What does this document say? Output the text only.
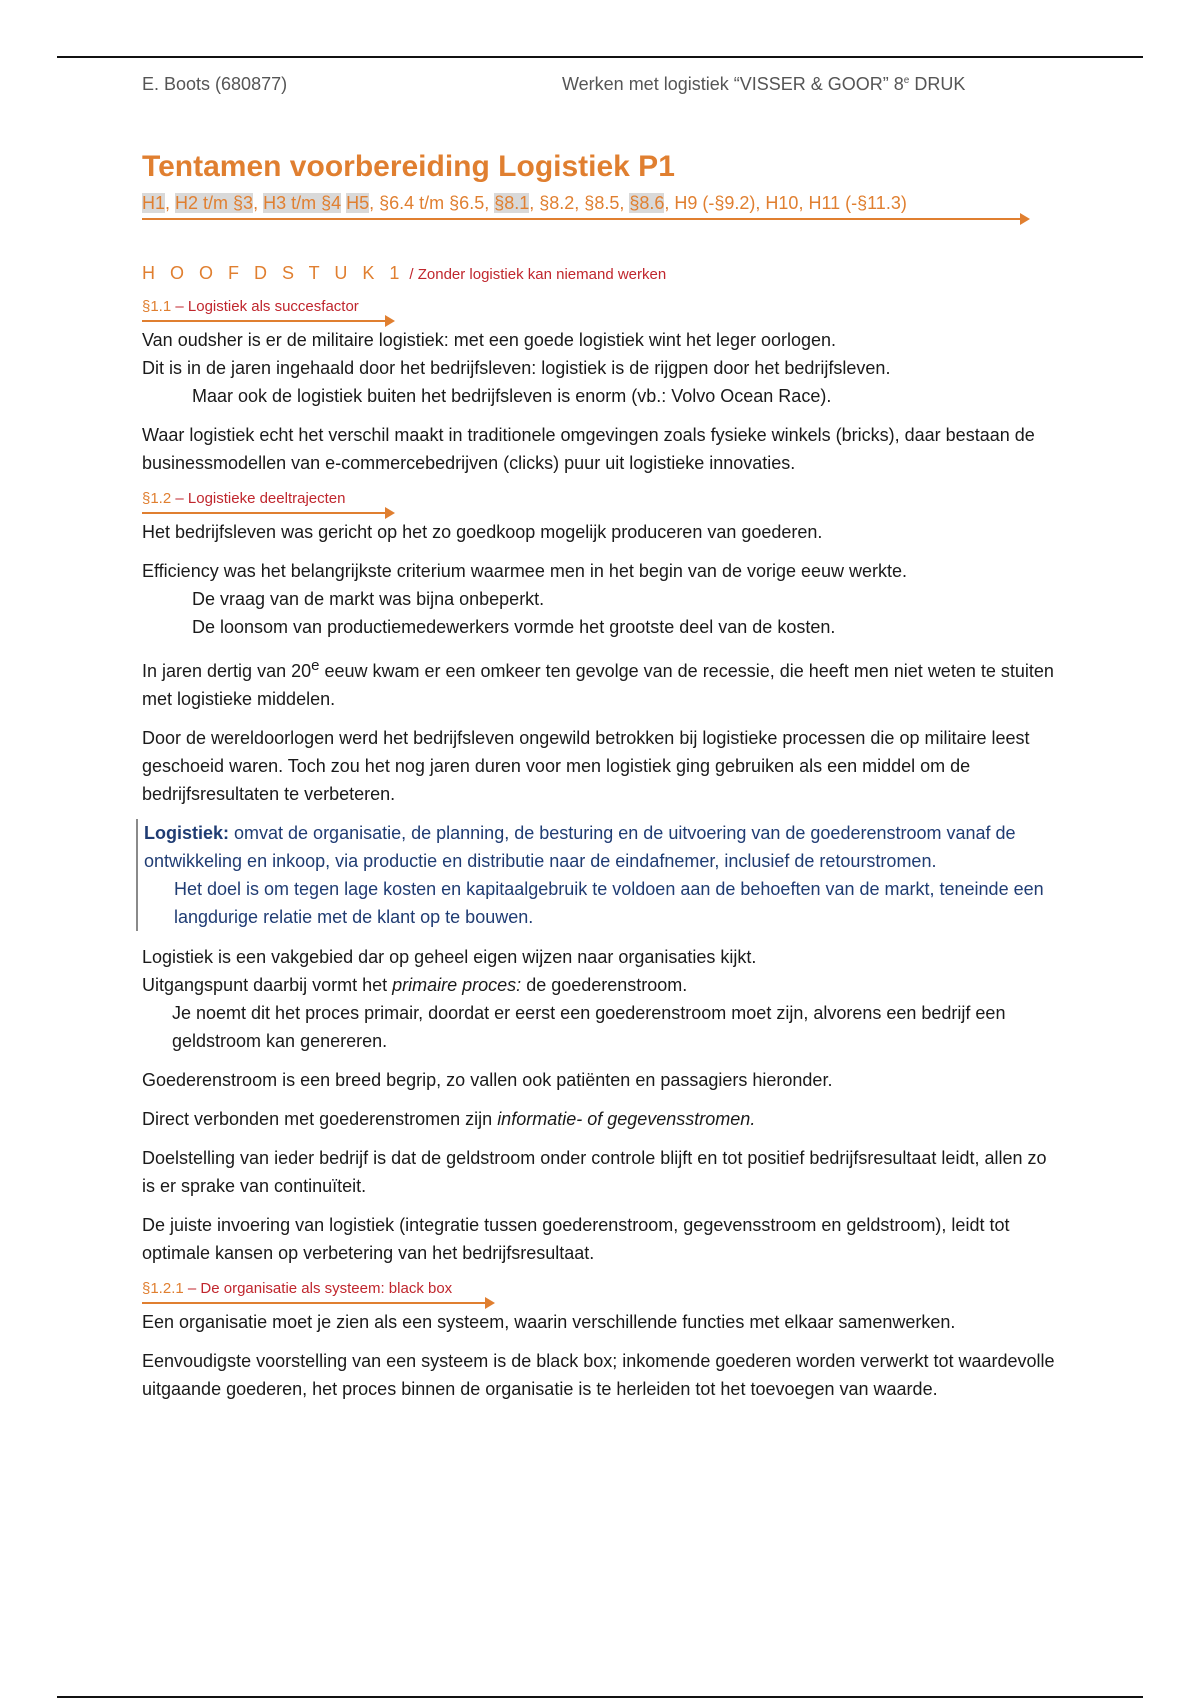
E. Boots (680877)	Werken met logistiek “VISSER & GOOR” 8e DRUK
Tentamen voorbereiding Logistiek P1
H1, H2 t/m §3, H3 t/m §4 H5, §6.4 t/m §6.5, §8.1, §8.2, §8.5, §8.6, H9 (-§9.2), H10, H11 (-§11.3)
H O O F D S T U K 1 / Zonder logistiek kan niemand werken
§1.1 – Logistiek als succesfactor

Van oudsher is er de militaire logistiek: met een goede logistiek wint het leger oorlogen.
Dit is in de jaren ingehaald door het bedrijfsleven: logistiek is de rijgpen door het bedrijfsleven.
Maar ook de logistiek buiten het bedrijfsleven is enorm (vb.: Volvo Ocean Race).

Waar logistiek echt het verschil maakt in traditionele omgevingen zoals fysieke winkels (bricks), daar bestaan de businessmodellen van e-commercebedrijven (clicks) puur uit logistieke innovaties.

§1.2 – Logistieke deeltrajecten

Het bedrijfsleven was gericht op het zo goedkoop mogelijk produceren van goederen.

Efficiency was het belangrijkste criterium waarmee men in het begin van de vorige eeuw werkte.
De vraag van de markt was bijna onbeperkt.
De loonsom van productiemedewerkers vormde het grootste deel van de kosten.

In jaren dertig van 20e eeuw kwam er een omkeer ten gevolge van de recessie, die heeft men niet weten te stuiten met logistieke middelen.

Door de wereldoorlogen werd het bedrijfsleven ongewild betrokken bij logistieke processen die op militaire leest geschoeid waren. Toch zou het nog jaren duren voor men logistiek ging gebruiken als een middel om de bedrijfsresultaten te verbeteren.

Logistiek: omvat de organisatie, de planning, de besturing en de uitvoering van de goederenstroom vanaf de ontwikkeling en inkoop, via productie en distributie naar de eindafnemer, inclusief de retourstromen.

Het doel is om tegen lage kosten en kapitaalgebruik te voldoen aan de behoeften van de markt, teneinde een langdurige relatie met de klant op te bouwen.

Logistiek is een vakgebied dar op geheel eigen wijzen naar organisaties kijkt.
Uitgangspunt daarbij vormt het primaire proces: de goederenstroom.
Je noemt dit het proces primair, doordat er eerst een goederenstroom moet zijn, alvorens een bedrijf een geldstroom kan genereren.

Goederenstroom is een breed begrip, zo vallen ook patiënten en passagiers hieronder.

Direct verbonden met goederenstromen zijn informatie- of gegevensstromen.

Doelstelling van ieder bedrijf is dat de geldstroom onder controle blijft en tot positief bedrijfsresultaat leidt, allen zo is er sprake van continuïteit.

De juiste invoering van logistiek (integratie tussen goederenstroom, gegevensstroom en geldstroom), leidt tot optimale kansen op verbetering van het bedrijfsresultaat.

§1.2.1 – De organisatie als systeem: black box

Een organisatie moet je zien als een systeem, waarin verschillende functies met elkaar samenwerken.

Eenvoudigste voorstelling van een systeem is de black box; inkomende goederen worden verwerkt tot waardevolle uitgaande goederen, het proces binnen de organisatie is te herleiden tot het toevoegen van waarde.
